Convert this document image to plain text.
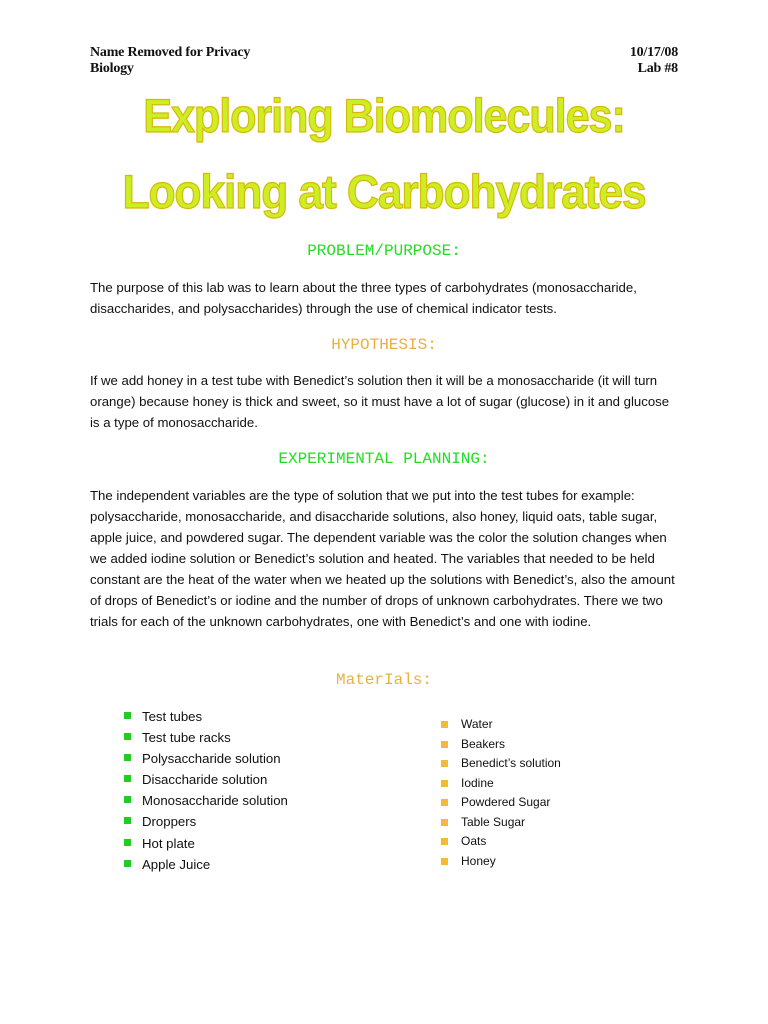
Name Removed for Privacy
Biology
10/17/08
Lab #8
Exploring Biomolecules:
Looking at Carbohydrates
PROBLEM/PURPOSE:

The purpose of this lab was to learn about the three types of carbohydrates (monosaccharide, disaccharides, and polysaccharides) through the use of chemical indicator tests.

HYPOTHESIS:

If we add honey in a test tube with Benedict’s solution then it will be a monosaccharide (it will turn orange) because honey is thick and sweet, so it must have a lot of sugar (glucose) in it and glucose is a type of monosaccharide.

EXPERIMENTAL PLANNING:

The independent variables are the type of solution that we put into the test tubes for example: polysaccharide, monosaccharide, and disaccharide solutions, also honey, liquid oats, table sugar, apple juice, and powdered sugar. The dependent variable was the color the solution changes when we added iodine solution or Benedict’s solution and heated. The variables that needed to be held constant are the heat of the water when we heated up the solutions with Benedict’s, also the amount of drops of Benedict’s or iodine and the number of drops of unknown carbohydrates. There we two trials for each of the unknown carbohydrates, one with Benedict’s and one with iodine.

MaterIals:
Test tubes
Test tube racks
Polysaccharide solution
Disaccharide solution
Monosaccharide solution
Droppers
Hot plate
Apple Juice
Water
Beakers
Benedict’s solution
Iodine
Powdered Sugar
Table Sugar
Oats
Honey
